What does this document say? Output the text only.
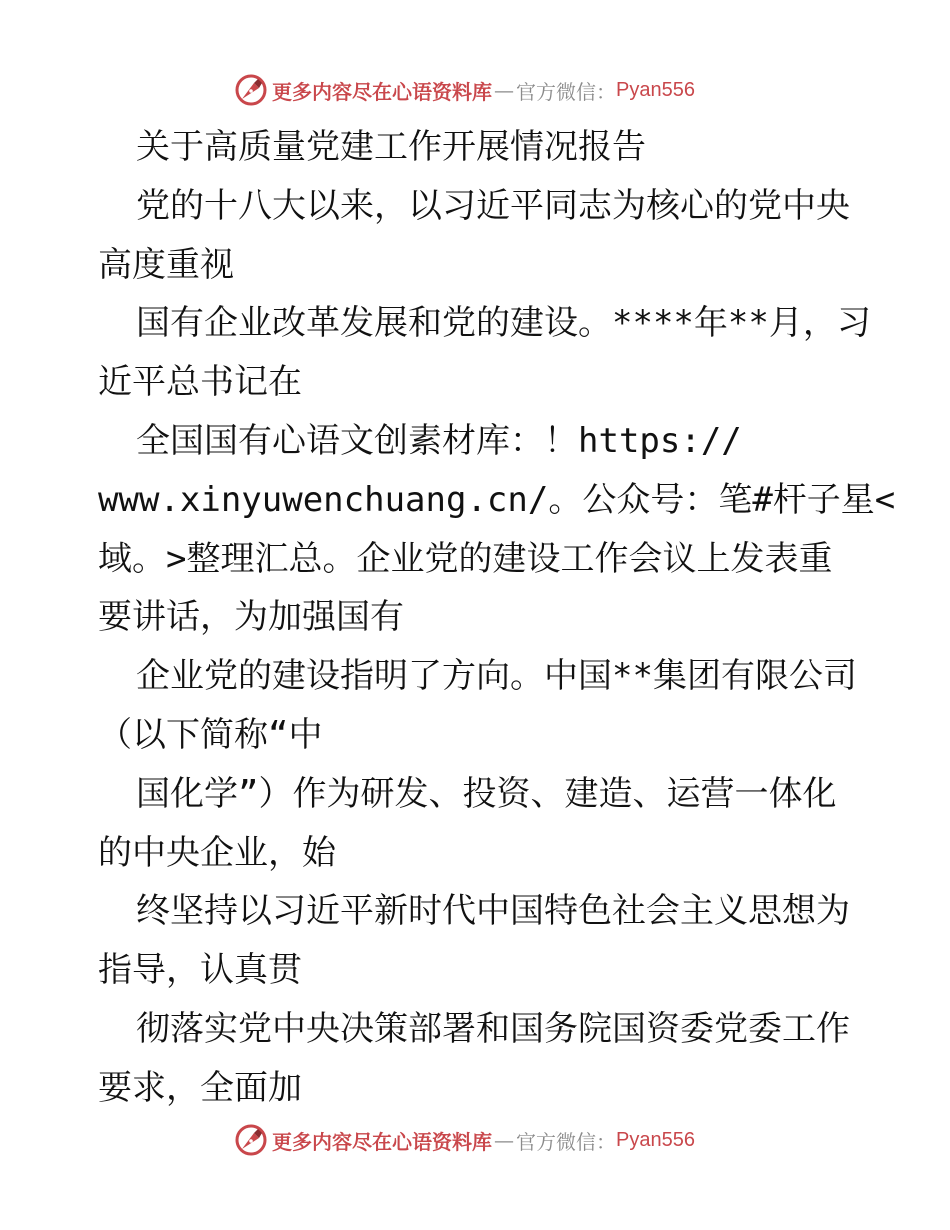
更多内容尽在心语资料库 — 官方微信： Pyan556
关于高质量党建工作开展情况报告
党的十八大以来，以习近平同志为核心的党中央
高度重视
国有企业改革发展和党的建设。****年**月，习
近平总书记在
全国国有心语文创素材库：！https://
www.xinyuwenchuang.cn/。公众号：笔#杆子星<
域。>整理汇总。企业党的建设工作会议上发表重
要讲话，为加强国有
企业党的建设指明了方向。中国**集团有限公司
（以下简称“中
国化学”）作为研发、投资、建造、运营一体化
的中央企业，始
终坚持以习近平新时代中国特色社会主义思想为
指导，认真贯
彻落实党中央决策部署和国务院国资委党委工作
要求，全面加
更多内容尽在心语资料库 — 官方微信： Pyan556
